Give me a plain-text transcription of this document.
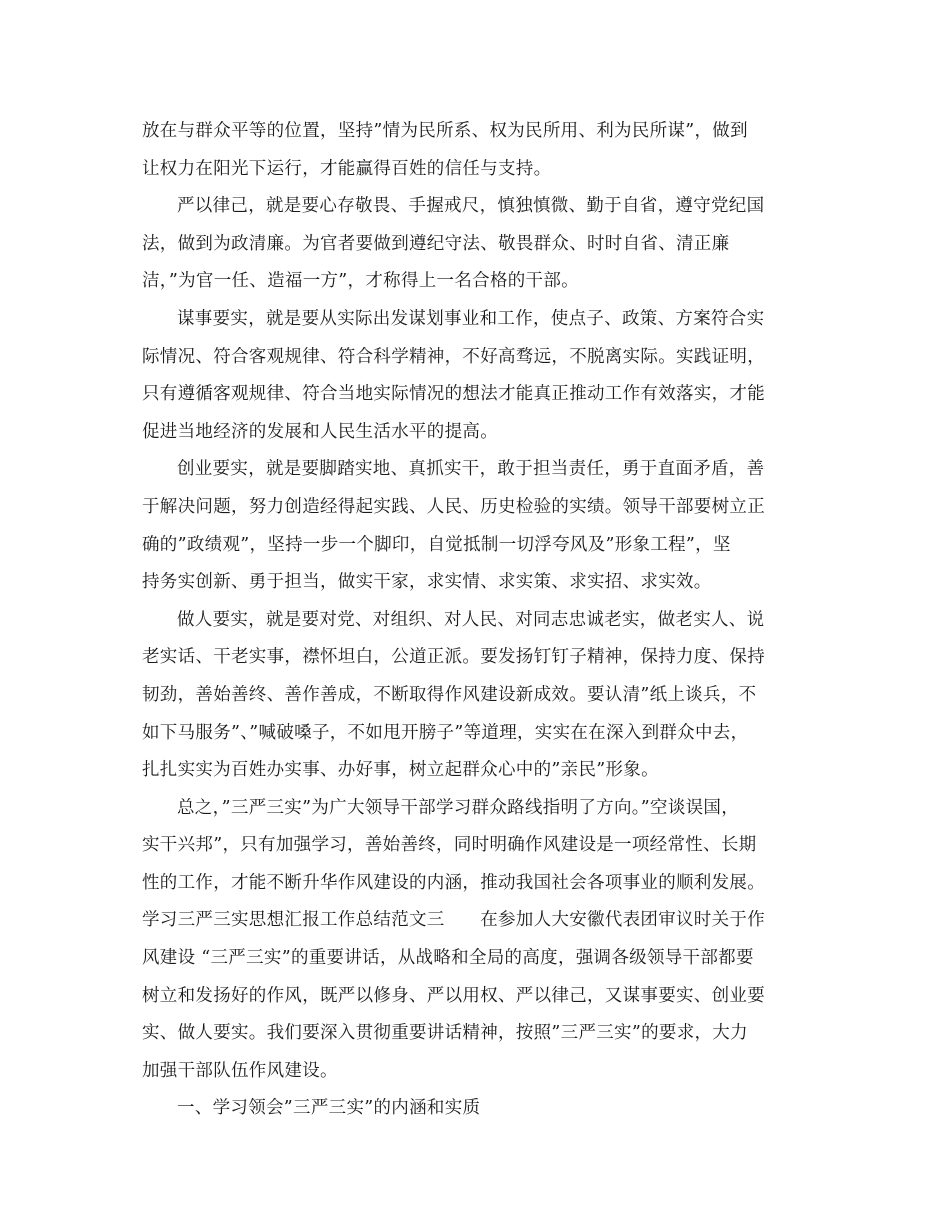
放在与群众平等的位置，坚持”情为民所系、权为民所用、利为民所谋”，做到
让权力在阳光下运行，才能赢得百姓的信任与支持。
严以律己，就是要心存敬畏、手握戒尺，慎独慎微、勤于自省，遵守党纪国
法，做到为政清廉。为官者要做到遵纪守法、敬畏群众、时时自省、清正廉
洁，”为官一任、造福一方”，才称得上一名合格的干部。
谋事要实，就是要从实际出发谋划事业和工作，使点子、政策、方案符合实
际情况、符合客观规律、符合科学精神，不好高骛远，不脱离实际。实践证明，
只有遵循客观规律、符合当地实际情况的想法才能真正推动工作有效落实，才能
促进当地经济的发展和人民生活水平的提高。
创业要实，就是要脚踏实地、真抓实干，敢于担当责任，勇于直面矛盾，善
于解决问题，努力创造经得起实践、人民、历史检验的实绩。领导干部要树立正
确的”政绩观”，坚持一步一个脚印，自觉抵制一切浮夸风及”形象工程”，坚
持务实创新、勇于担当，做实干家，求实情、求实策、求实招、求实效。
做人要实，就是要对党、对组织、对人民、对同志忠诚老实，做老实人、说
老实话、干老实事，襟怀坦白，公道正派。要发扬钉钉子精神，保持力度、保持
韧劲，善始善终、善作善成，不断取得作风建设新成效。要认清”纸上谈兵，不
如下马服务”、”喊破嗓子，不如甩开膀子”等道理，实实在在深入到群众中去，
扎扎实实为百姓办实事、办好事，树立起群众心中的”亲民”形象。
总之，”三严三实”为广大领导干部学习群众路线指明了方向。”空谈误国，
实干兴邦”，只有加强学习，善始善终，同时明确作风建设是一项经常性、长期
性的工作，才能不断升华作风建设的内涵，推动我国社会各项事业的顺利发展。
学习三严三实思想汇报工作总结范文三　　在参加人大安徽代表团审议时关于作
风建设 “三严三实”的重要讲话，从战略和全局的高度，强调各级领导干部都要
树立和发扬好的作风，既严以修身、严以用权、严以律己，又谋事要实、创业要
实、做人要实。我们要深入贯彻重要讲话精神，按照”三严三实”的要求，大力
加强干部队伍作风建设。
一、学习领会”三严三实”的内涵和实质
